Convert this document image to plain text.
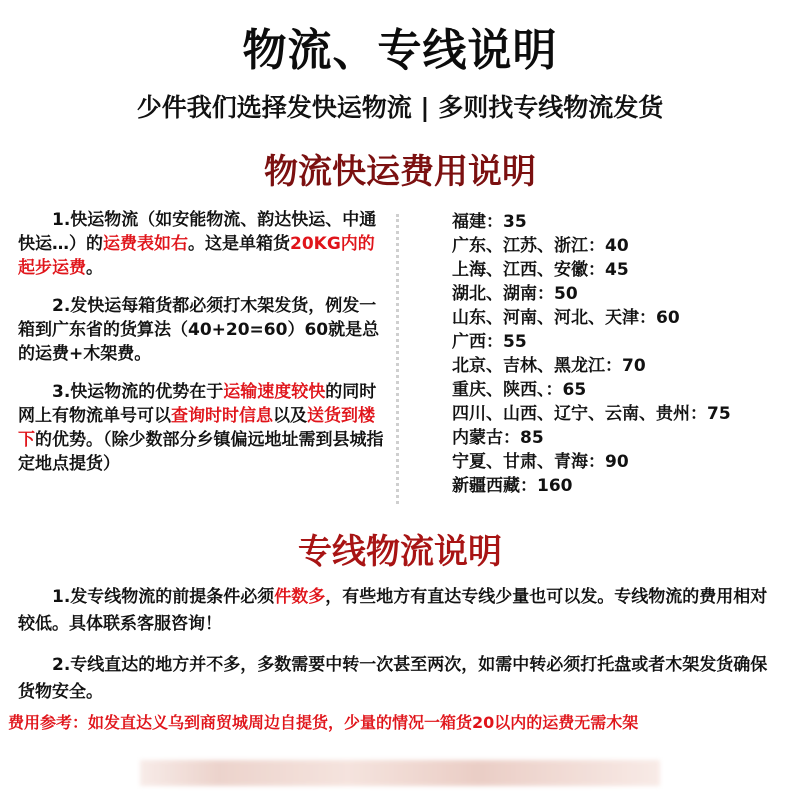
物流、专线说明
少件我们选择发快运物流 | 多则找专线物流发货
物流快运费用说明

1.快运物流（如安能物流、韵达快运、中通快运…）的运费表如右。这是单箱货20KG内的起步运费。

2.发快运每箱货都必须打木架发货，例发一箱到广东省的货算法（40+20=60）60就是总的运费+木架费。

3.快运物流的优势在于运输速度较快的同时网上有物流单号可以查询时时信息以及送货到楼下的优势。（除少数部分乡镇偏远地址需到县城指定地点提货）

福建：35
广东、江苏、浙江：40
上海、江西、安徽：45
湖北、湖南：50
山东、河南、河北、天津：60
广西：55
北京、吉林、黑龙江：70
重庆、陕西、：65
四川、山西、辽宁、云南、贵州：75
内蒙古：85
宁夏、甘肃、青海：90
新疆西藏：160
专线物流说明

1.发专线物流的前提条件必须件数多，有些地方有直达专线少量也可以发。专线物流的费用相对较低。具体联系客服咨询！

2.专线直达的地方并不多，多数需要中转一次甚至两次，如需中转必须打托盘或者木架发货确保货物安全。

费用参考：如发直达义乌到商贸城周边自提货，少量的情况一箱货20以内的运费无需木架
